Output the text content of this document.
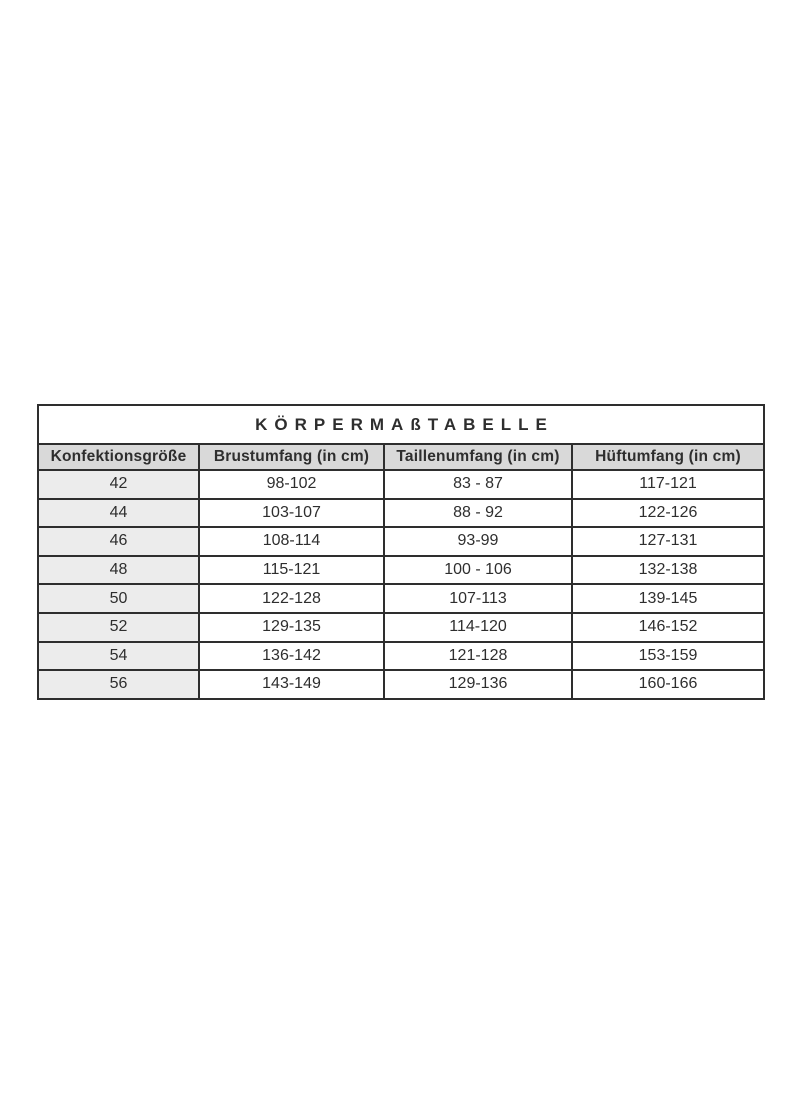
KÖRPERMAßTABELLE			
Konfektionsgröße	Brustumfang (in cm)	Taillenumfang (in cm)	Hüftumfang (in cm)
42	98-102	83 - 87	117-121
44	103-107	88 - 92	122-126
46	108-114	93-99	127-131
48	115-121	100 - 106	132-138
50	122-128	107-113	139-145
52	129-135	114-120	146-152
54	136-142	121-128	153-159
56	143-149	129-136	160-166
